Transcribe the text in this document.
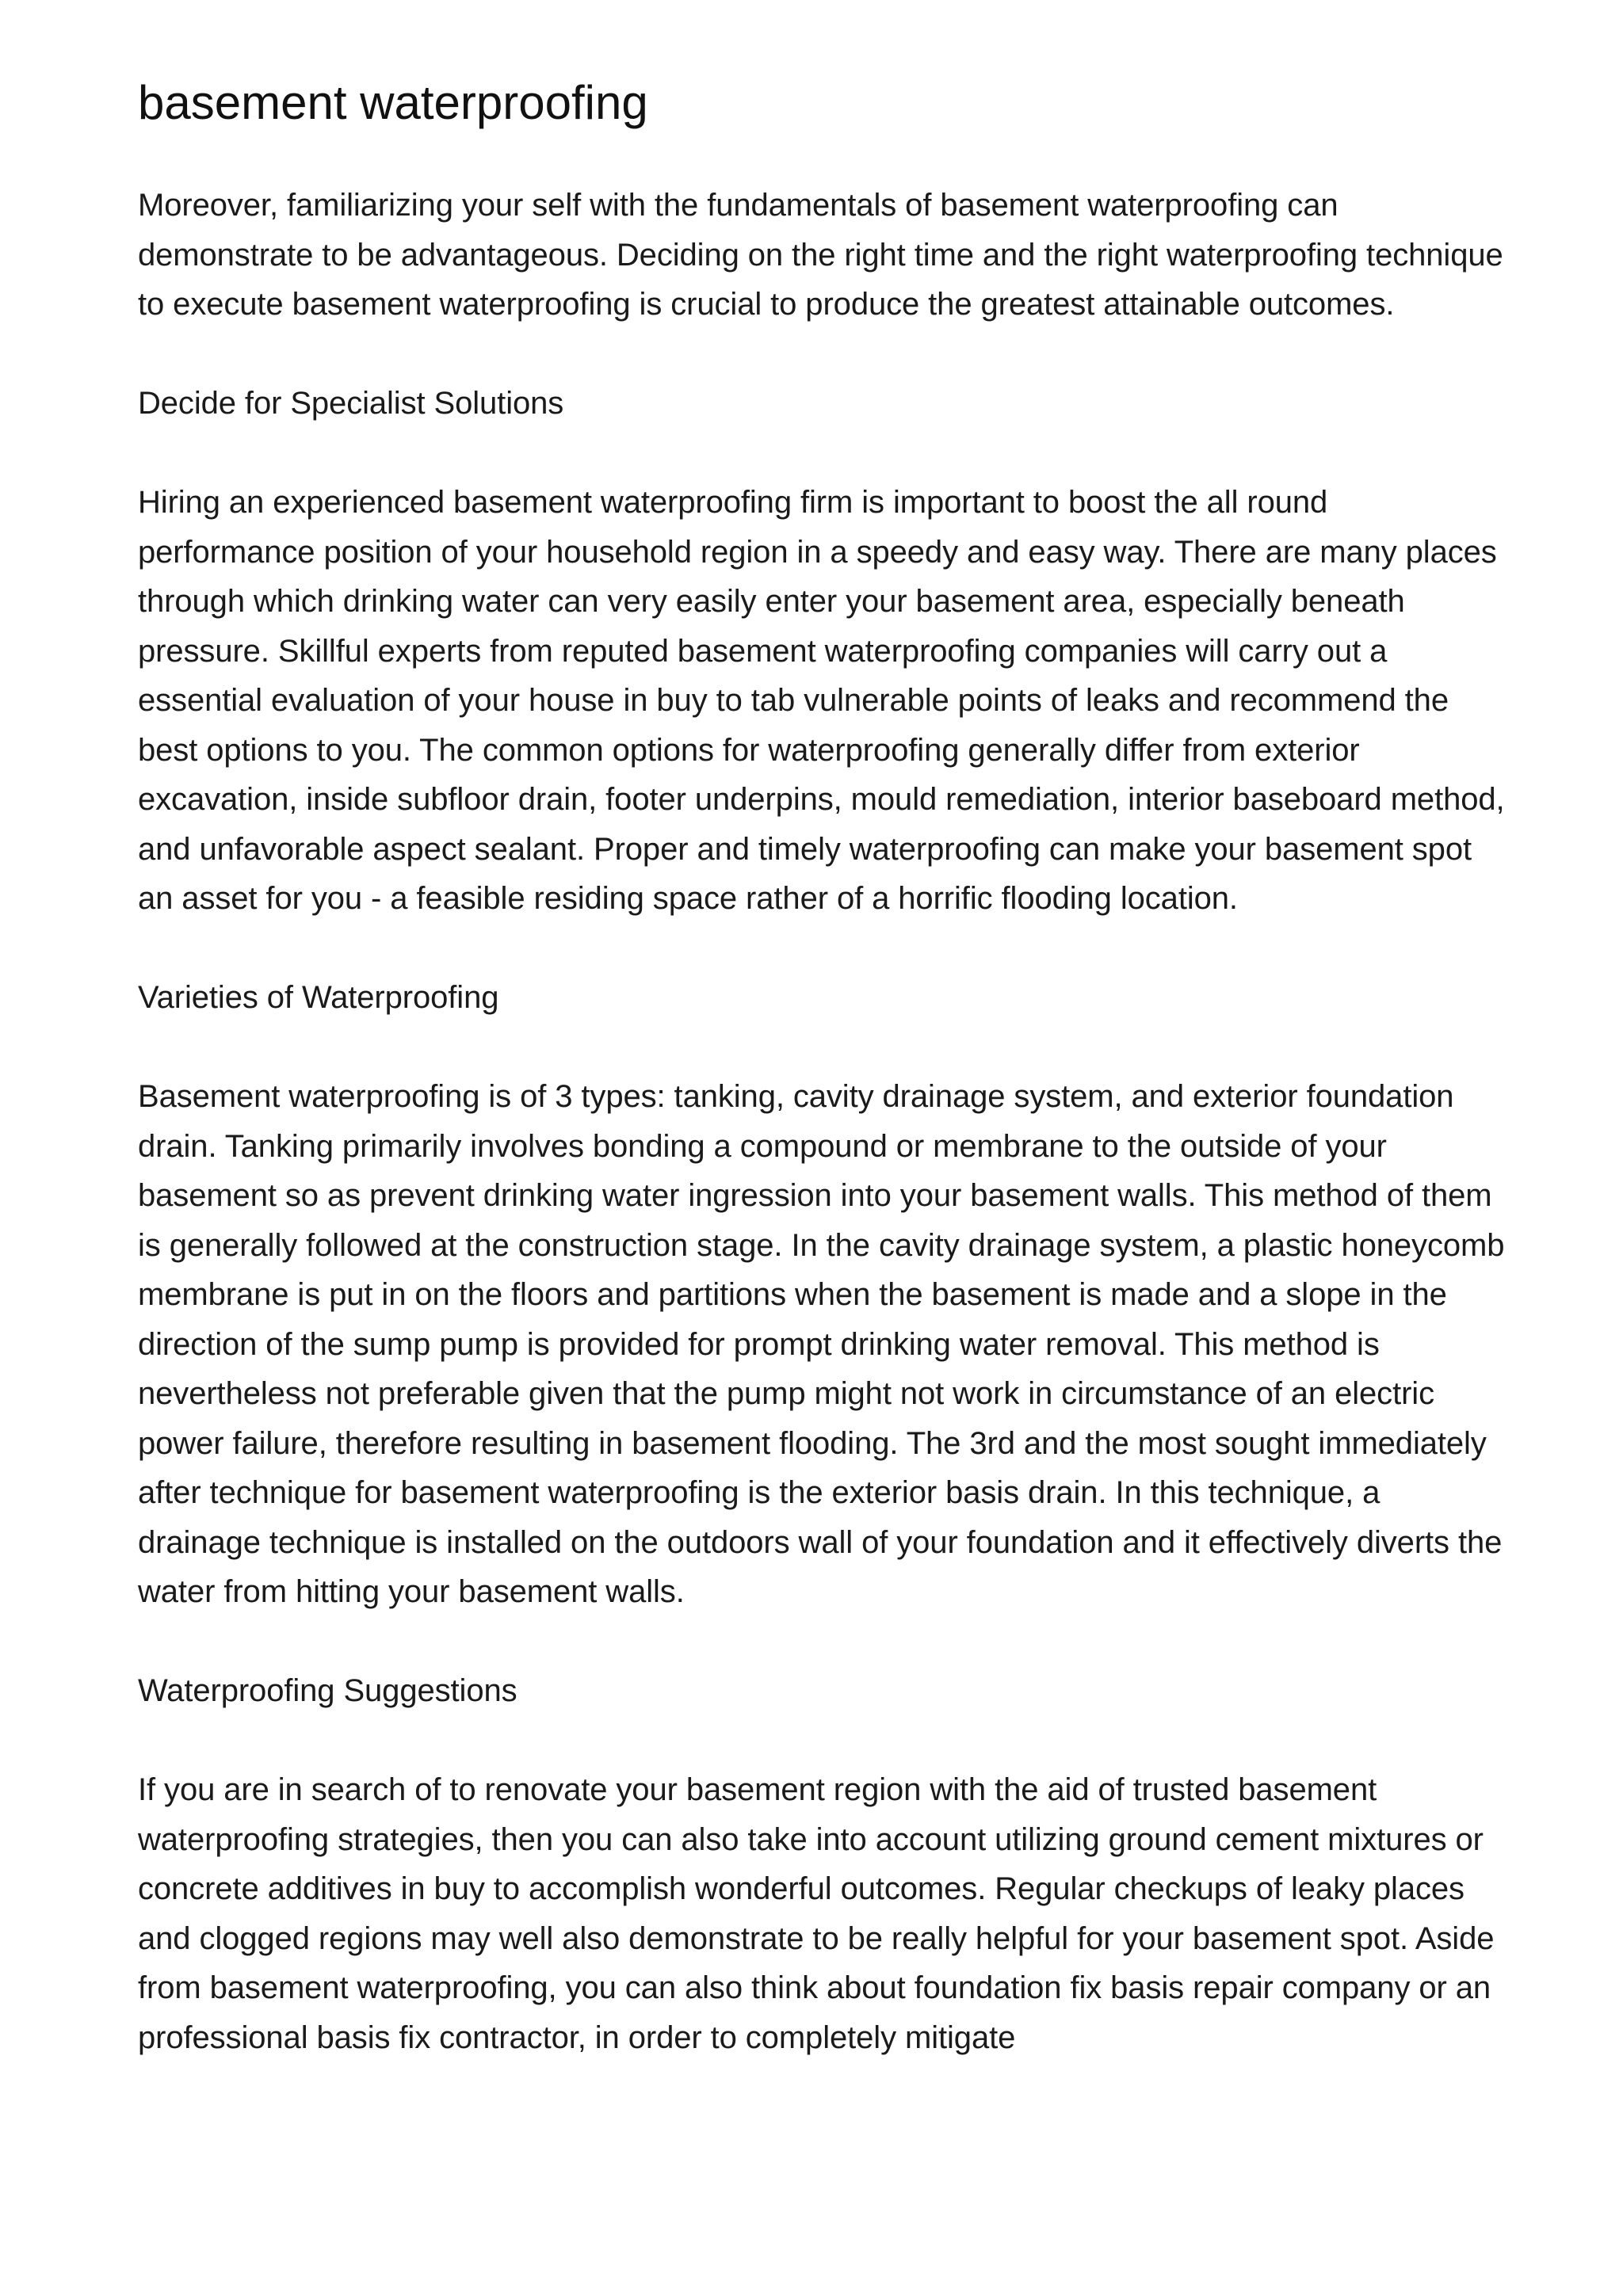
basement waterproofing

Moreover, familiarizing your self with the fundamentals of basement waterproofing can demonstrate to be advantageous. Deciding on the right time and the right waterproofing technique to execute basement waterproofing is crucial to produce the greatest attainable outcomes.

Decide for Specialist Solutions

Hiring an experienced basement waterproofing firm is important to boost the all round performance position of your household region in a speedy and easy way. There are many places through which drinking water can very easily enter your basement area, especially beneath pressure. Skillful experts from reputed basement waterproofing companies will carry out a essential evaluation of your house in buy to tab vulnerable points of leaks and recommend the best options to you. The common options for waterproofing generally differ from exterior excavation, inside subfloor drain, footer underpins, mould remediation, interior baseboard method, and unfavorable aspect sealant. Proper and timely waterproofing can make your basement spot an asset for you - a feasible residing space rather of a horrific flooding location.

Varieties of Waterproofing

Basement waterproofing is of 3 types: tanking, cavity drainage system, and exterior foundation drain. Tanking primarily involves bonding a compound or membrane to the outside of your basement so as prevent drinking water ingression into your basement walls. This method of them is generally followed at the construction stage. In the cavity drainage system, a plastic honeycomb membrane is put in on the floors and partitions when the basement is made and a slope in the direction of the sump pump is provided for prompt drinking water removal. This method is nevertheless not preferable given that the pump might not work in circumstance of an electric power failure, therefore resulting in basement flooding. The 3rd and the most sought immediately after technique for basement waterproofing is the exterior basis drain. In this technique, a drainage technique is installed on the outdoors wall of your foundation and it effectively diverts the water from hitting your basement walls.

Waterproofing Suggestions

If you are in search of to renovate your basement region with the aid of trusted basement waterproofing strategies, then you can also take into account utilizing ground cement mixtures or concrete additives in buy to accomplish wonderful outcomes. Regular checkups of leaky places and clogged regions may well also demonstrate to be really helpful for your basement spot. Aside from basement waterproofing, you can also think about foundation fix basis repair company or an professional basis fix contractor, in order to completely mitigate
